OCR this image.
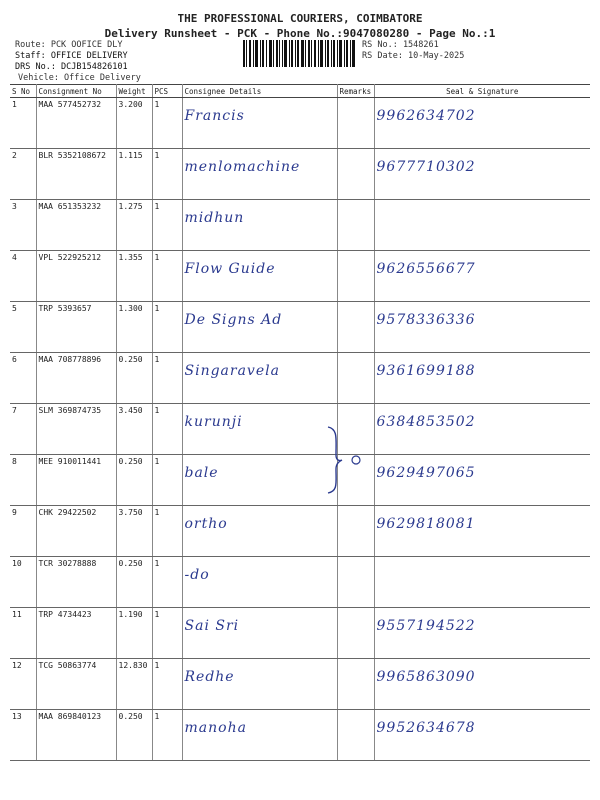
THE PROFESSIONAL COURIERS, COIMBATORE
Delivery Runsheet - PCK - Phone No.:9047080280 - Page No.:1
Route: PCK OOFICE DLY
Staff: OFFICE DELIVERY
DRS No.: DCJB154826101
Vehicle: Office Delivery
RS No.: 1548261
RS Date: 10-May-2025
S No	Consignment No	Weight	PCS	Consignee Details	Remarks	Seal & Signature
1	MAA 577452732	3.200	1	Francis		9962634702
2	BLR 5352108672	1.115	1	menlomachine		9677710302
3	MAA 651353232	1.275	1	midhun		
4	VPL 522925212	1.355	1	Flow Guide		9626556677
5	TRP 5393657	1.300	1	De Signs Ad		9578336336
6	MAA 708778896	0.250	1	Singaravela		9361699188
7	SLM 369874735	3.450	1	kurunji		6384853502
8	MEE 910011441	0.250	1	bale		9629497065
9	CHK 29422502	3.750	1	ortho		9629818081
10	TCR 30278888	0.250	1	-do		
11	TRP 4734423	1.190	1	Sai Sri		9557194522
12	TCG 50863774	12.830	1	Redhe		9965863090
13	MAA 869840123	0.250	1	manoha		9952634678
